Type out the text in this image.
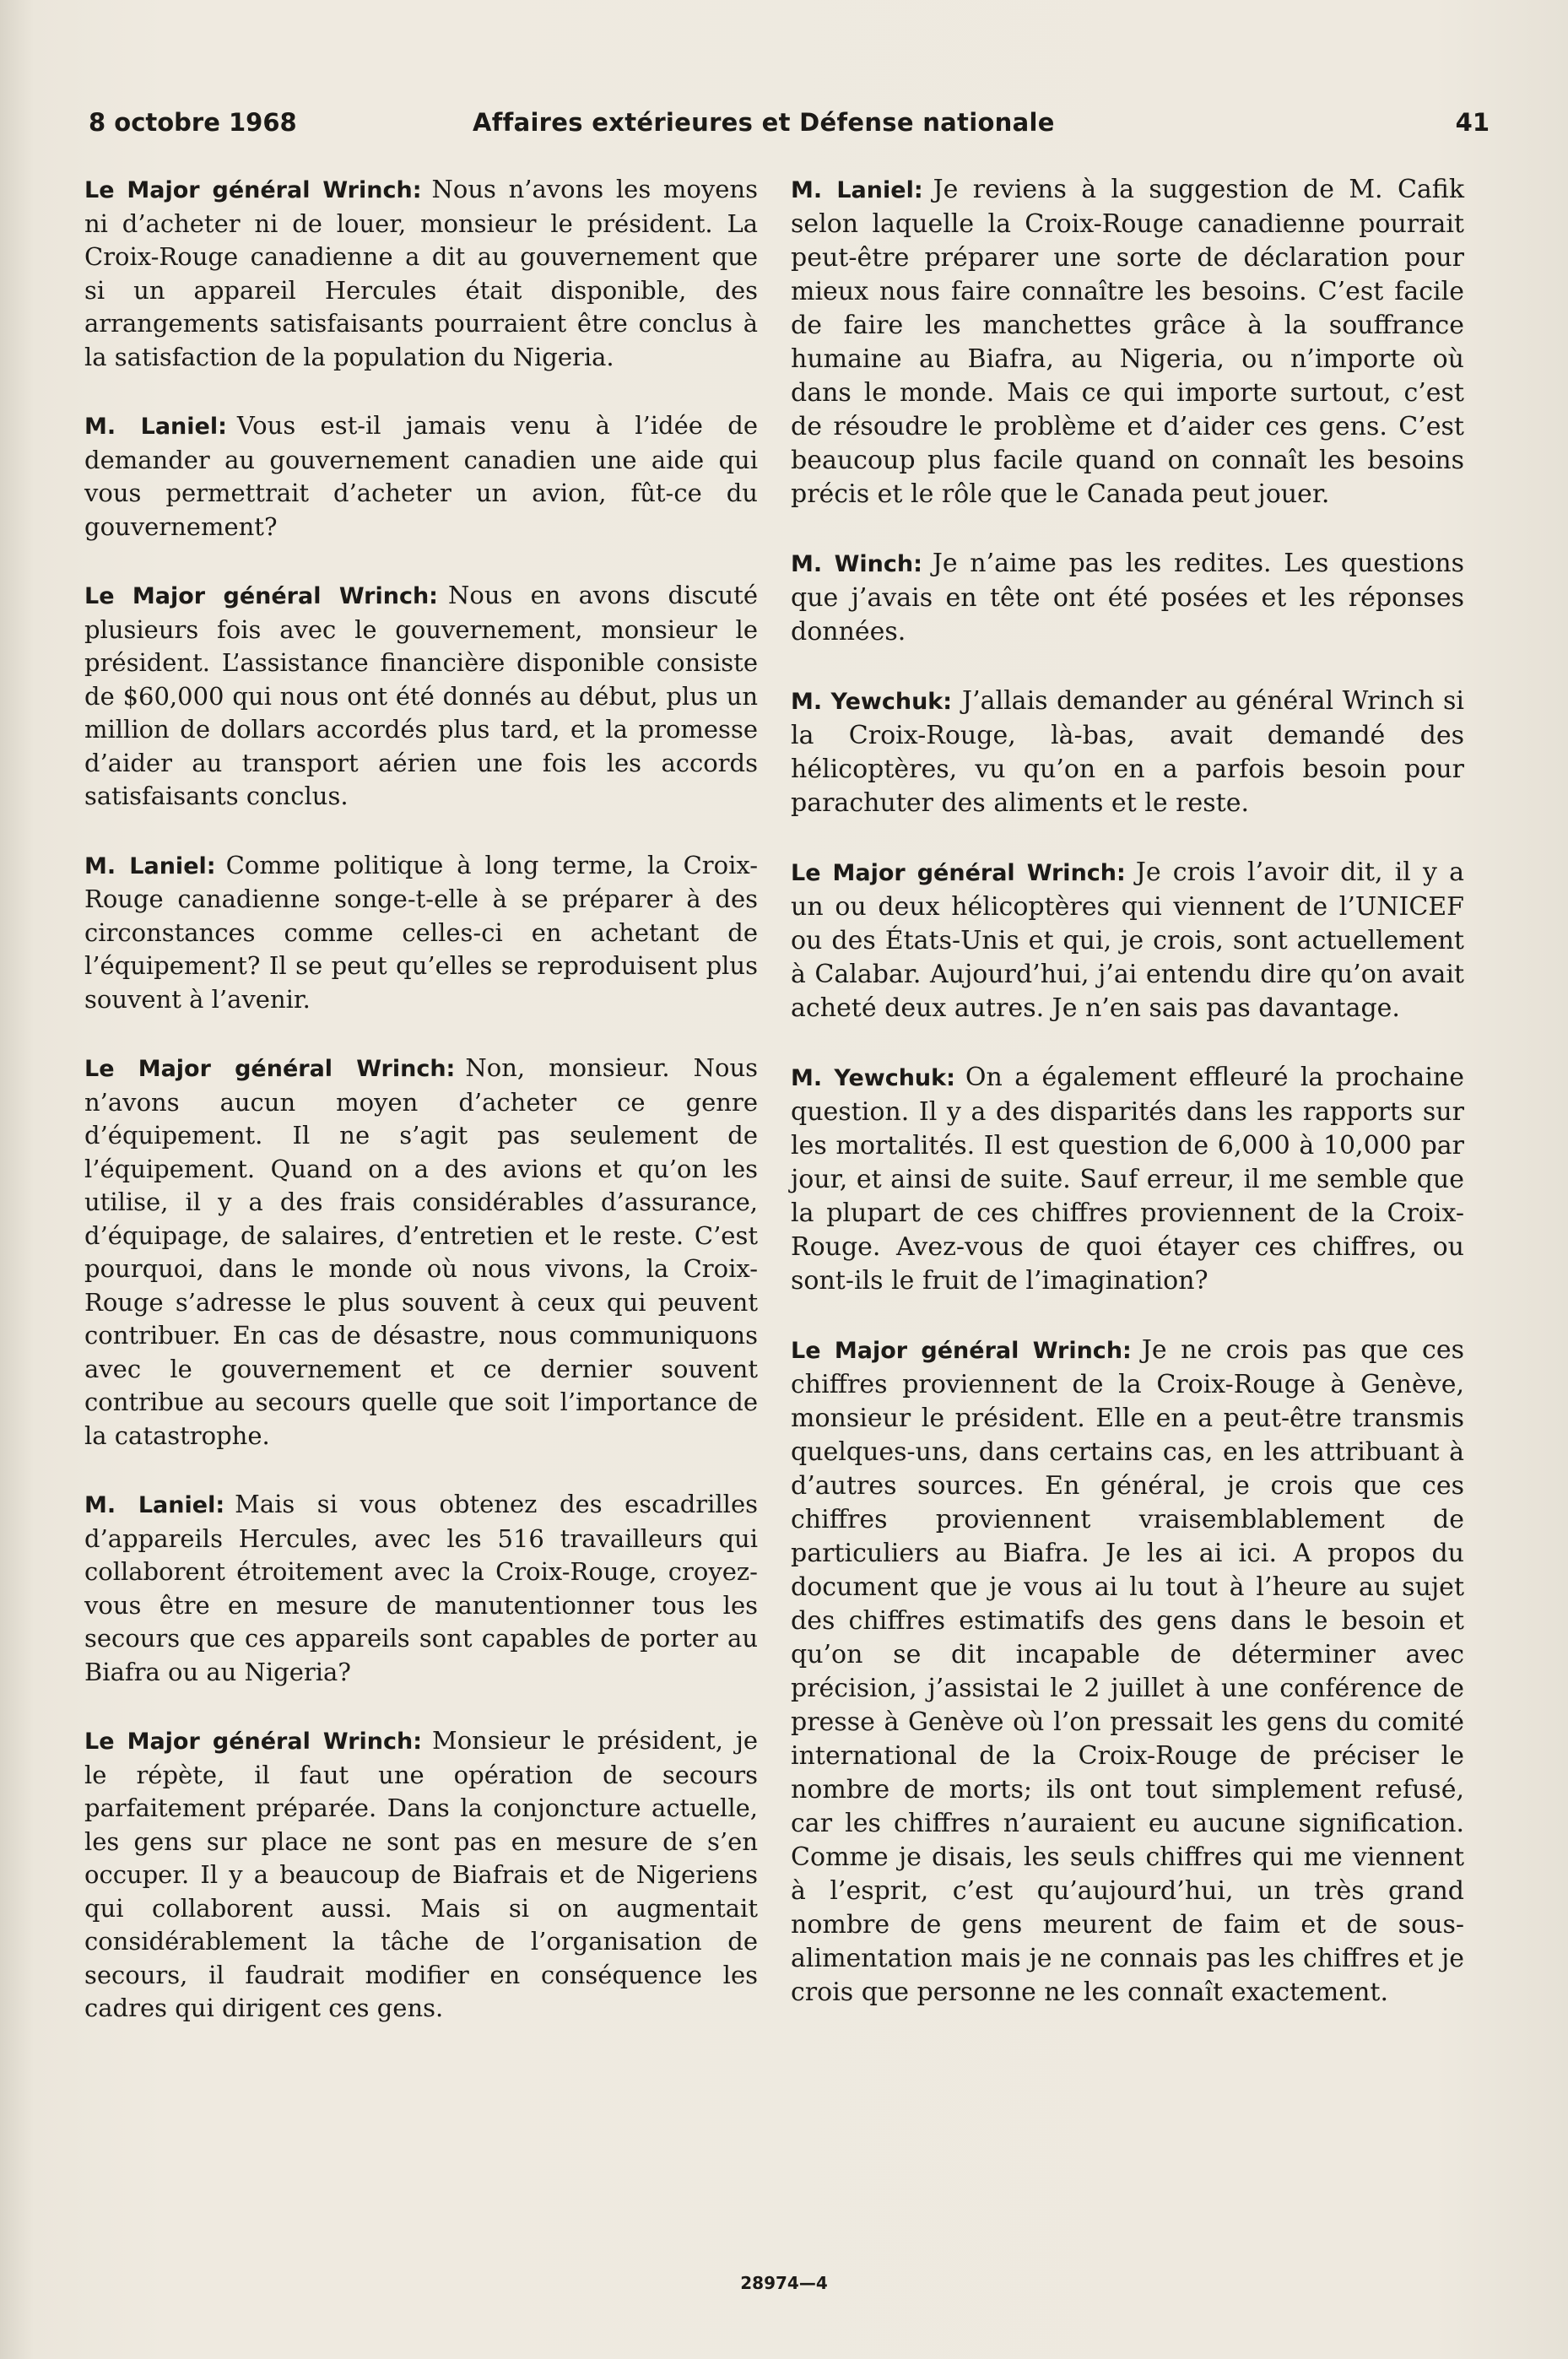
8 octobre 1968	Affaires extérieures et Défense nationale	41

Le Major général Wrinch: Nous n’avons les moyens ni d’acheter ni de louer, monsieur le président. La Croix-Rouge canadienne a dit au gouvernement que si un appareil Hercules était disponible, des arrangements satisfaisants pourraient être conclus à la satisfaction de la population du Nigeria.

M. Laniel: Vous est-il jamais venu à l’idée de demander au gouvernement canadien une aide qui vous permettrait d’acheter un avion, fût-ce du gouvernement?

Le Major général Wrinch: Nous en avons discuté plusieurs fois avec le gouvernement, monsieur le président. L’assistance financière disponible consiste de $60,000 qui nous ont été donnés au début, plus un million de dollars accordés plus tard, et la promesse d’aider au transport aérien une fois les accords satisfaisants conclus.

M. Laniel: Comme politique à long terme, la Croix-Rouge canadienne songe-t-elle à se préparer à des circonstances comme celles-ci en achetant de l’équipement? Il se peut qu’elles se reproduisent plus souvent à l’avenir.

Le Major général Wrinch: Non, monsieur. Nous n’avons aucun moyen d’acheter ce genre d’équipement. Il ne s’agit pas seulement de l’équipement. Quand on a des avions et qu’on les utilise, il y a des frais considérables d’assurance, d’équipage, de salaires, d’entretien et le reste. C’est pourquoi, dans le monde où nous vivons, la Croix-Rouge s’adresse le plus souvent à ceux qui peuvent contribuer. En cas de désastre, nous communiquons avec le gouvernement et ce dernier souvent contribue au secours quelle que soit l’importance de la catastrophe.

M. Laniel: Mais si vous obtenez des escadrilles d’appareils Hercules, avec les 516 travailleurs qui collaborent étroitement avec la Croix-Rouge, croyez-vous être en mesure de manutentionner tous les secours que ces appareils sont capables de porter au Biafra ou au Nigeria?

Le Major général Wrinch: Monsieur le président, je le répète, il faut une opération de secours parfaitement préparée. Dans la conjoncture actuelle, les gens sur place ne sont pas en mesure de s’en occuper. Il y a beaucoup de Biafrais et de Nigeriens qui collaborent aussi. Mais si on augmentait considérablement la tâche de l’organisation de secours, il faudrait modifier en conséquence les cadres qui dirigent ces gens.

M. Laniel: Je reviens à la suggestion de M. Cafik selon laquelle la Croix-Rouge canadienne pourrait peut-être préparer une sorte de déclaration pour mieux nous faire connaître les besoins. C’est facile de faire les manchettes grâce à la souffrance humaine au Biafra, au Nigeria, ou n’importe où dans le monde. Mais ce qui importe surtout, c’est de résoudre le problème et d’aider ces gens. C’est beaucoup plus facile quand on connaît les besoins précis et le rôle que le Canada peut jouer.

M. Winch: Je n’aime pas les redites. Les questions que j’avais en tête ont été posées et les réponses données.

M. Yewchuk: J’allais demander au général Wrinch si la Croix-Rouge, là-bas, avait demandé des hélicoptères, vu qu’on en a parfois besoin pour parachuter des aliments et le reste.

Le Major général Wrinch: Je crois l’avoir dit, il y a un ou deux hélicoptères qui viennent de l’UNICEF ou des États-Unis et qui, je crois, sont actuellement à Calabar. Aujourd’hui, j’ai entendu dire qu’on avait acheté deux autres. Je n’en sais pas davantage.

M. Yewchuk: On a également effleuré la prochaine question. Il y a des disparités dans les rapports sur les mortalités. Il est question de 6,000 à 10,000 par jour, et ainsi de suite. Sauf erreur, il me semble que la plupart de ces chiffres proviennent de la Croix-Rouge. Avez-vous de quoi étayer ces chiffres, ou sont-ils le fruit de l’imagination?

Le Major général Wrinch: Je ne crois pas que ces chiffres proviennent de la Croix-Rouge à Genève, monsieur le président. Elle en a peut-être transmis quelques-uns, dans certains cas, en les attribuant à d’autres sources. En général, je crois que ces chiffres proviennent vraisemblablement de particuliers au Biafra. Je les ai ici. A propos du document que je vous ai lu tout à l’heure au sujet des chiffres estimatifs des gens dans le besoin et qu’on se dit incapable de déterminer avec précision, j’assistai le 2 juillet à une conférence de presse à Genève où l’on pressait les gens du comité international de la Croix-Rouge de préciser le nombre de morts; ils ont tout simplement refusé, car les chiffres n’auraient eu aucune signification. Comme je disais, les seuls chiffres qui me viennent à l’esprit, c’est qu’aujourd’hui, un très grand nombre de gens meurent de faim et de sous-alimentation mais je ne connais pas les chiffres et je crois que personne ne les connaît exactement.

28974—4
